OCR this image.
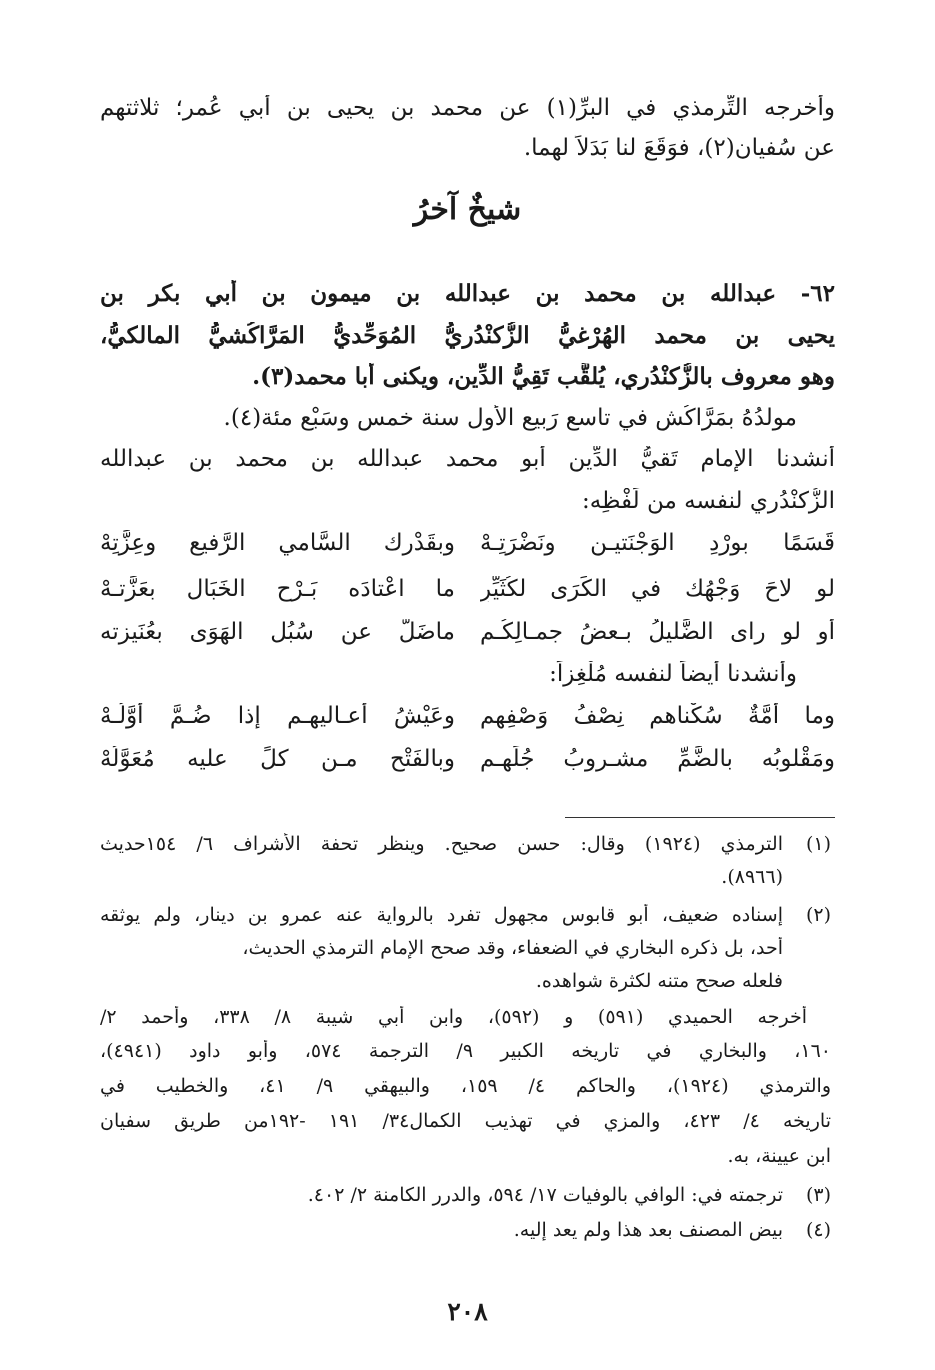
وأخرجه التِّرمذي في البرِّ(١) عن محمد بن يحيى بن أبي عُمر؛ ثلاثتهم
عن سُفيان(٢)، فوَقَعَ لنا بَدَلاً لهما.
شيخٌ آخرُ
٦٢- عبدالله بن محمد بن عبدالله بن ميمون بن أبي بكر بن
يحيى بن محمد الهُرْغيُّ الزُّكنْدُريُّ المُوَحِّديُّ المَرَّاكُشيُّ المالكيُّ،
وهو معروف بالزُّكنْدُري، يُلقَّب تَقِيُّ الدِّين، ويكنى أبا محمد(٣).
مولدُهُ بمَرَّاكُش في تاسع رَبيع الأول سنة خمسٍ وسَبْع مئة(٤).
أنشدنا الإمام تَقيُّ الدِّين أبو محمد عبدالله بن محمد بن عبدالله
الزُّكنْدُري لنفسه من لَفْظِه:
قَسَمًا بورْدِ الوَجْنَتيـن ونَضْرَتِـهْ
وبقَدْرك السَّامي الرَّفيع وعِزَّتِهْ
لو لاحَ وَجْهُك في الكَرَى لكُثَيِّرٍ
ما اعْتادَه بَـرْح الخَبَال بعَزَّتـهْ
أو لو راى الضَّليلُ بـعضُ جمـالِكُـم
ماضَلَّ عن سُبُل الهَوَى بعُنَيزته
وأنشدنا أيضاً لنفسه مُلْغِزاً:
وما أُمَّةٌ سُكْناهم نِصْفُ وَصْفِهم
وعَيْشُ أعـاليهـم إذا ضُـمَّ أوَّلُـهْ
ومَقْلوبُه بالضَّمِّ مشـروبُ جُلِّهـم
وبالفَتْحِ مـن كلٍّ عليه مُعَوَّلُهْ
(١)
الترمذي (١٩٢٤) وقال: حسن صحيح. وينظر تحفة الأشراف ٦/ ١٥٤حديث
(٨٩٦٦).
(٢)
إسناده ضعيف، أبو قابوس مجهول تفرد بالرواية عنه عمرو بن دينار، ولم يوثقه
أحد، بل ذكره البخاري في الضعفاء، وقد صحح الإمام الترمذي الحديث،
فلعله صحح متنه لكثرة شواهده.
أخرجه الحميدي (٥٩١) و (٥٩٢)، وابن أبي شيبة ٨/ ٣٣٨، وأحمد ٢/
١٦٠، والبخاري في تاريخه الكبير ٩/ الترجمة ٥٧٤، وأبو داود (٤٩٤١)،
والترمذي (١٩٢٤)، والحاكم ٤/ ١٥٩، والبيهقي ٩/ ٤١، والخطيب في
تاريخه ٤/ ٤٢٣، والمزي في تهذيب الكمال٣٤/ ١٩١ -١٩٢من طريق سفيان
ابن عيينة، به.
(٣)
ترجمته في: الوافي بالوفيات ١٧/ ٥٩٤، والدرر الكامنة ٢/ ٤٠٢.
(٤)
بيض المصنف بعد هذا ولم يعد إليه.
٢٠٨
